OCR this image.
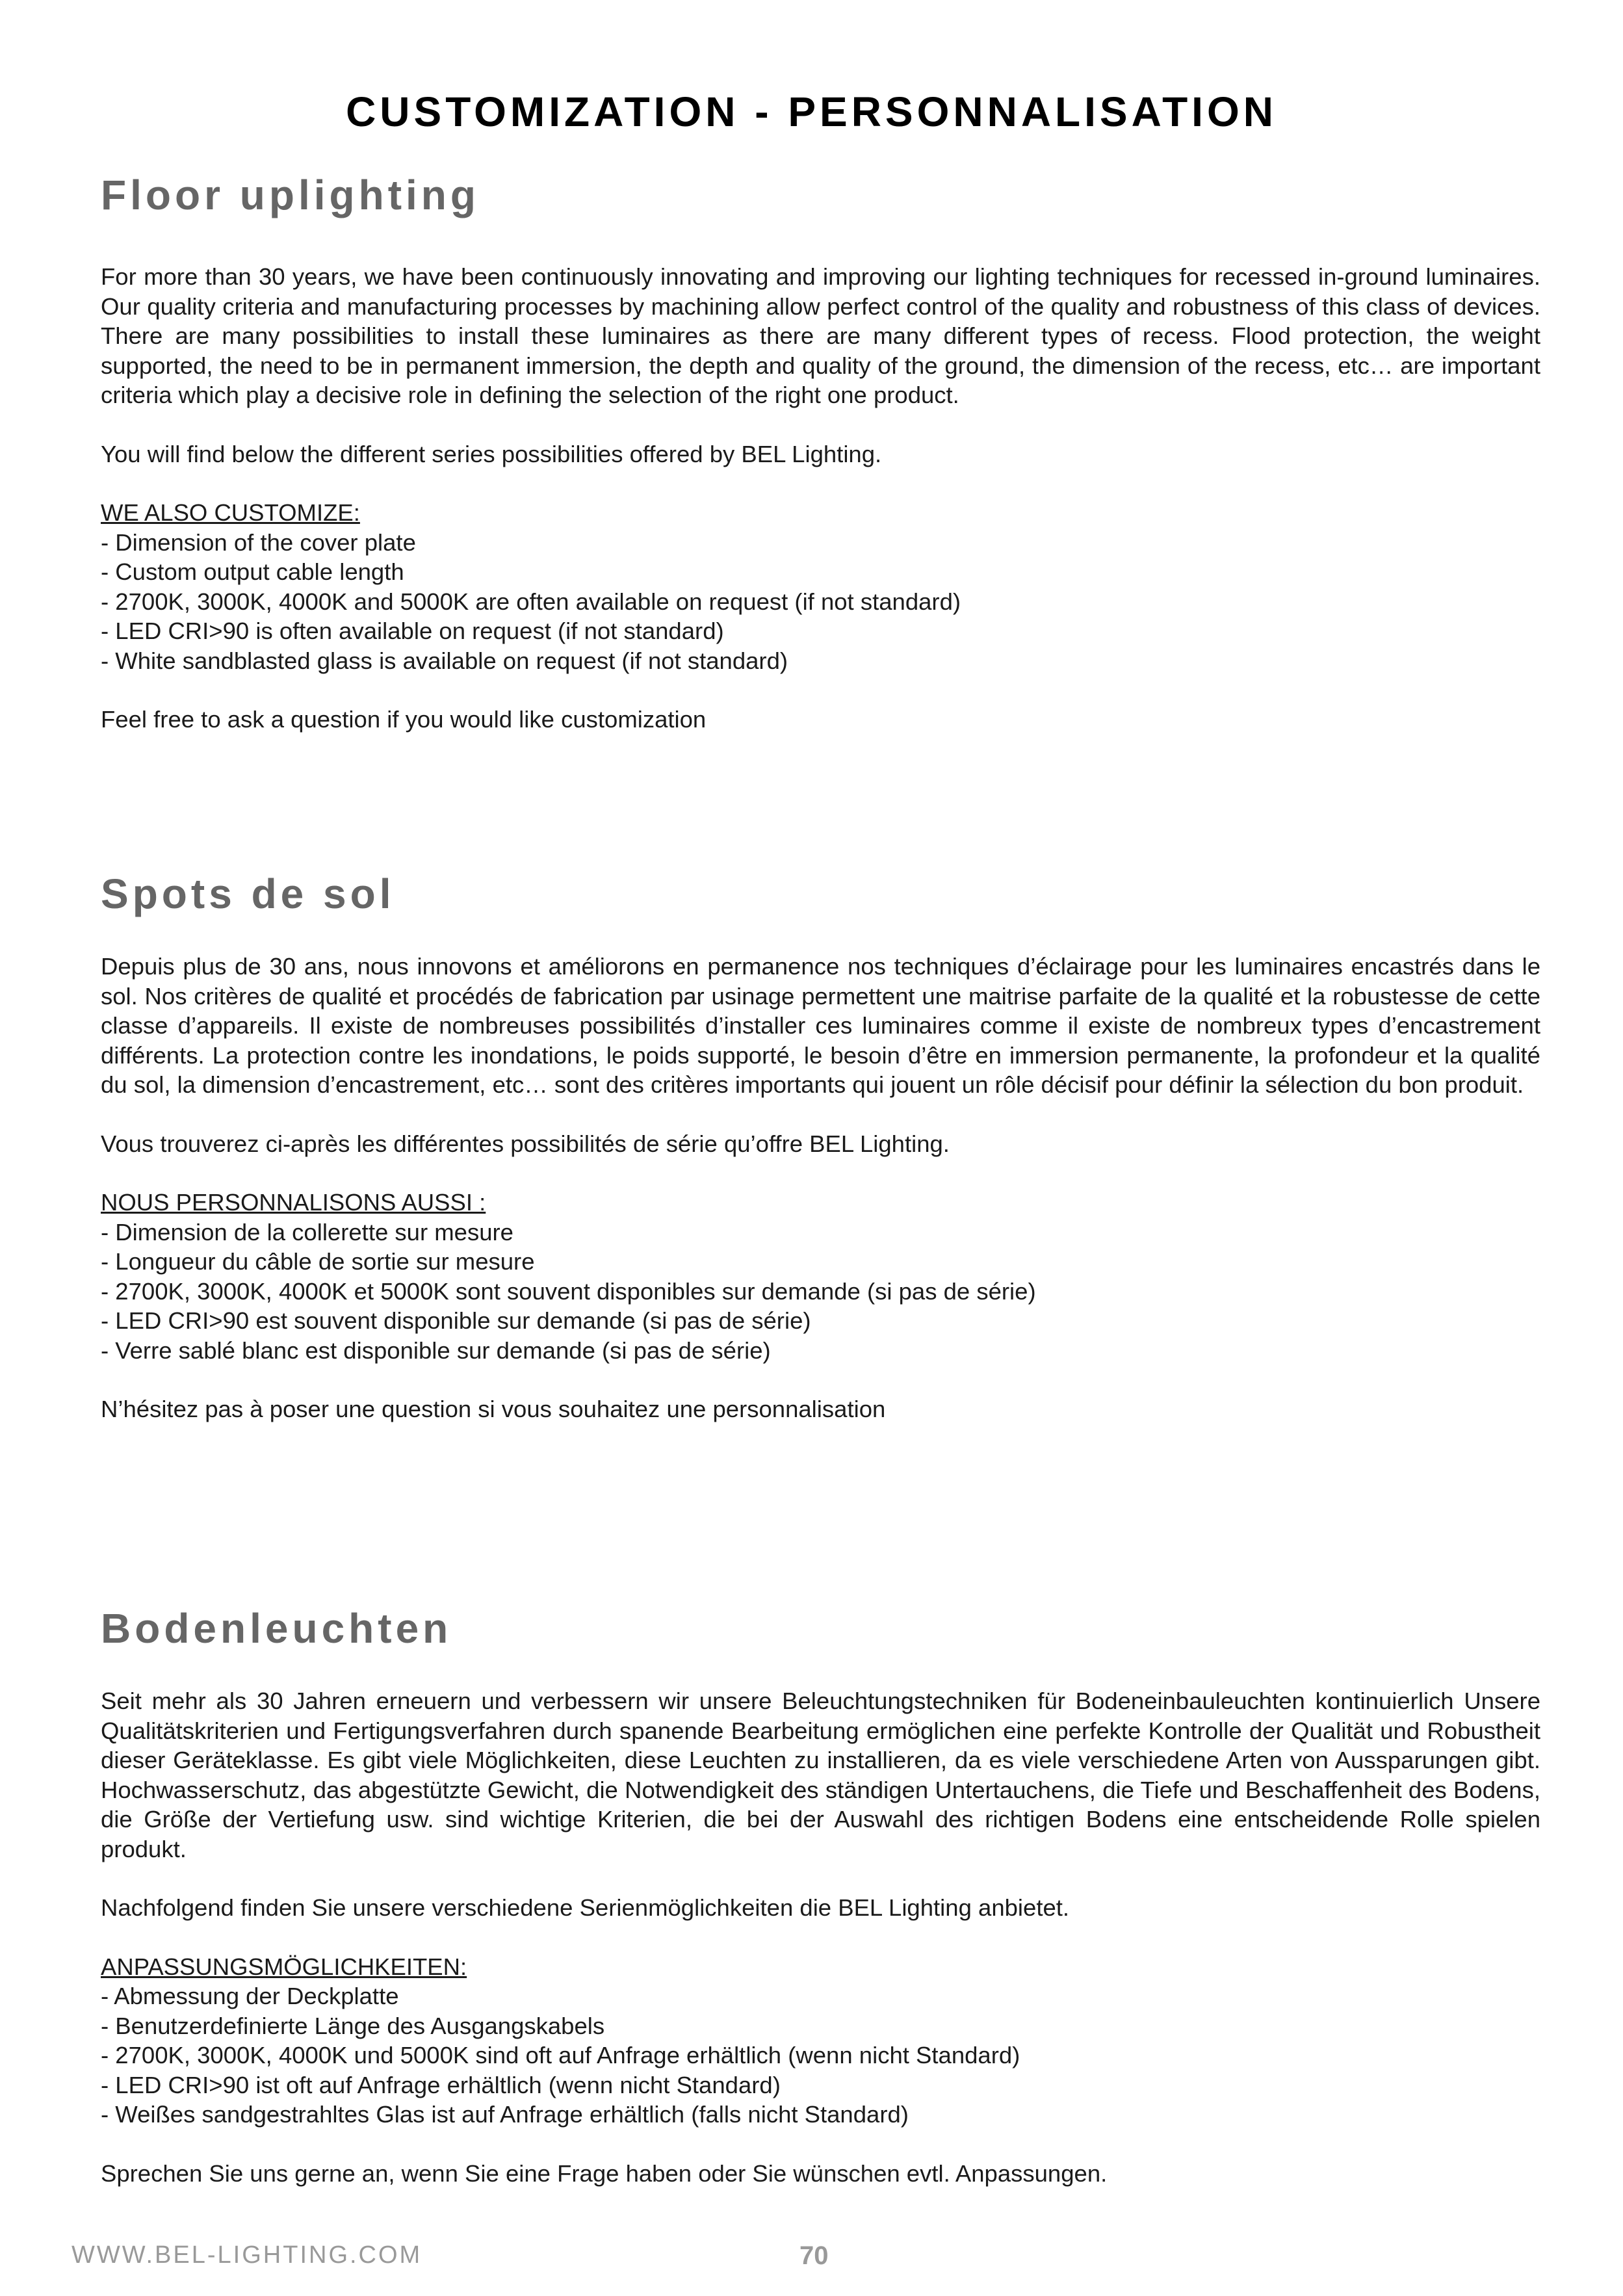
CUSTOMIZATION - PERSONNALISATION
Floor uplighting

For more than 30 years, we have been continuously innovating and improving our lighting techniques for recessed in-ground luminaires. Our quality criteria and manufacturing processes by machining allow perfect control of the quality and robustness of this class of devices. There are many possibilities to install these luminaires as there are many different types of recess. Flood protection, the weight supported, the need to be in permanent immersion, the depth and quality of the ground, the dimension of the recess, etc… are important criteria which play a decisive role in defining the selection of the right one product.

You will find below the different series possibilities offered by BEL Lighting.

WE ALSO CUSTOMIZE:

- Dimension of the cover plate
- Custom output cable length
- 2700K, 3000K, 4000K and 5000K are often available on request (if not standard)
- LED CRI>90 is often available on request (if not standard)
- White sandblasted glass is available on request (if not standard)

Feel free to ask a question if you would like customization

Spots de sol

Depuis plus de 30 ans, nous innovons et améliorons en permanence nos techniques d’éclairage pour les luminaires encastrés dans le sol. Nos critères de qualité et procédés de fabrication par usinage permettent une maitrise parfaite de la qualité et la robustesse de cette classe d’appareils. Il existe de nombreuses possibilités d’installer ces luminaires comme il existe de nombreux types d’encastrement différents. La protection contre les inondations, le poids supporté, le besoin d’être en immersion permanente, la profondeur et la qualité du sol, la dimension d’encastrement, etc… sont des critères importants qui jouent un rôle décisif pour définir la sélection du bon produit.

Vous trouverez ci-après les différentes possibilités de série qu’offre BEL Lighting.

NOUS PERSONNALISONS AUSSI :

- Dimension de la collerette sur mesure
- Longueur du câble de sortie sur mesure
- 2700K, 3000K, 4000K et 5000K sont souvent disponibles sur demande (si pas de série)
- LED CRI>90 est souvent disponible sur demande (si pas de série)
- Verre sablé blanc est disponible sur demande (si pas de série)

N’hésitez pas à poser une question si vous souhaitez une personnalisation

Bodenleuchten

Seit mehr als 30 Jahren erneuern und verbessern wir unsere Beleuchtungstechniken für Bodeneinbauleuchten kontinuierlich Unsere Qualitätskriterien und Fertigungsverfahren durch spanende Bearbeitung ermöglichen eine perfekte Kontrolle der Qualität und Robustheit dieser Geräteklasse. Es gibt viele Möglichkeiten, diese Leuchten zu installieren, da es viele verschiedene Arten von Aussparungen gibt. Hochwasserschutz, das abgestützte Gewicht, die Notwendigkeit des ständigen Untertauchens, die Tiefe und Beschaffenheit des Bodens, die Größe der Vertiefung usw. sind wichtige Kriterien, die bei der Auswahl des richtigen Bodens eine entscheidende Rolle spielen produkt.

Nachfolgend finden Sie unsere verschiedene Serienmöglichkeiten die BEL Lighting anbietet.

ANPASSUNGSMÖGLICHKEITEN:

- Abmessung der Deckplatte
- Benutzerdefinierte Länge des Ausgangskabels
- 2700K, 3000K, 4000K und 5000K sind oft auf Anfrage erhältlich (wenn nicht Standard)
- LED CRI>90 ist oft auf Anfrage erhältlich (wenn nicht Standard)
- Weißes sandgestrahltes Glas ist auf Anfrage erhältlich (falls nicht Standard)

Sprechen Sie uns gerne an, wenn Sie eine Frage haben oder Sie wünschen evtl. Anpassungen.

WWW.BEL-LIGHTING.COM	70
